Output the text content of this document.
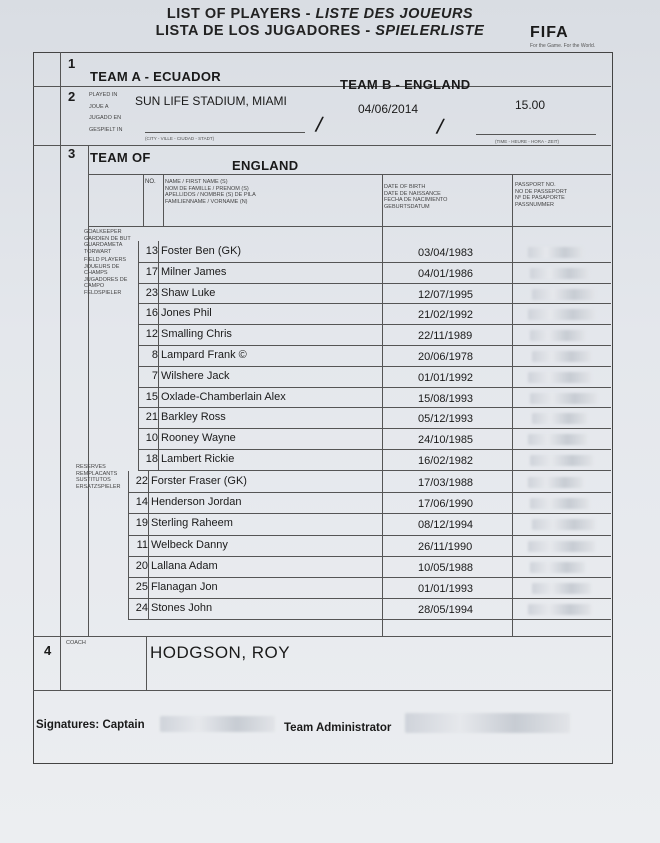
LIST OF PLAYERS - LISTE DES JOUEURS
LISTA DE LOS JUGADORES - SPIELERLISTE	FIFA
For the Game. For the World.
1
2
3
4
TEAM A - ECUADOR
TEAM B - ENGLAND
PLAYED IN
JOUE A
JUGADO EN
GESPIELT IN
SUN LIFE STADIUM, MIAMI
04/06/2014	15.00
/	/
(CITY - VILLE - CIUDAD - STADT)
(TIME - HEURE - HORA - ZEIT)
TEAM OF
ENGLAND
NO. NAME / FIRST NAME (S)
NOM DE FAMILLE / PRENOM (S)
APELLIDOS / NOMBRE (S) DE PILA
FAMILIENNAME / VORNAME (N)
DATE OF BIRTH
DATE DE NAISSANCE
FECHA DE NACIMIENTO
GEBURTSDATUM
PASSPORT NO.
NO DE PASSEPORT
Nº DE PASAPORTE
PASSNUMMER
GOALKEEPER GARDIEN DE BUT GUARDAMETA TORWART
FIELD PLAYERS JOUEURS DE CHAMPS JUGADORES DE CAMPO FELDSPIELER
RESERVES REMPLACANTS SUSTITUTOS ERSATZSPIELER
COACH
13 Foster Ben (GK)	03/04/1983
17 Milner James	04/01/1986
23 Shaw Luke	12/07/1995
16 Jones Phil	21/02/1992
12 Smalling Chris	22/11/1989
8 Lampard Frank ©	20/06/1978
7 Wilshere Jack	01/01/1992
15 Oxlade-Chamberlain Alex	15/08/1993
21 Barkley Ross	05/12/1993
10 Rooney Wayne	24/10/1985
18 Lambert Rickie	16/02/1982
22 Forster Fraser (GK)	17/03/1988
14 Henderson Jordan	17/06/1990
19 Sterling Raheem	08/12/1994
11 Welbeck Danny	26/11/1990
20 Lallana Adam	10/05/1988
25 Flanagan Jon	01/01/1993
24 Stones John	28/05/1994
HODGSON, ROY
Signatures: Captain	Team Administrator
